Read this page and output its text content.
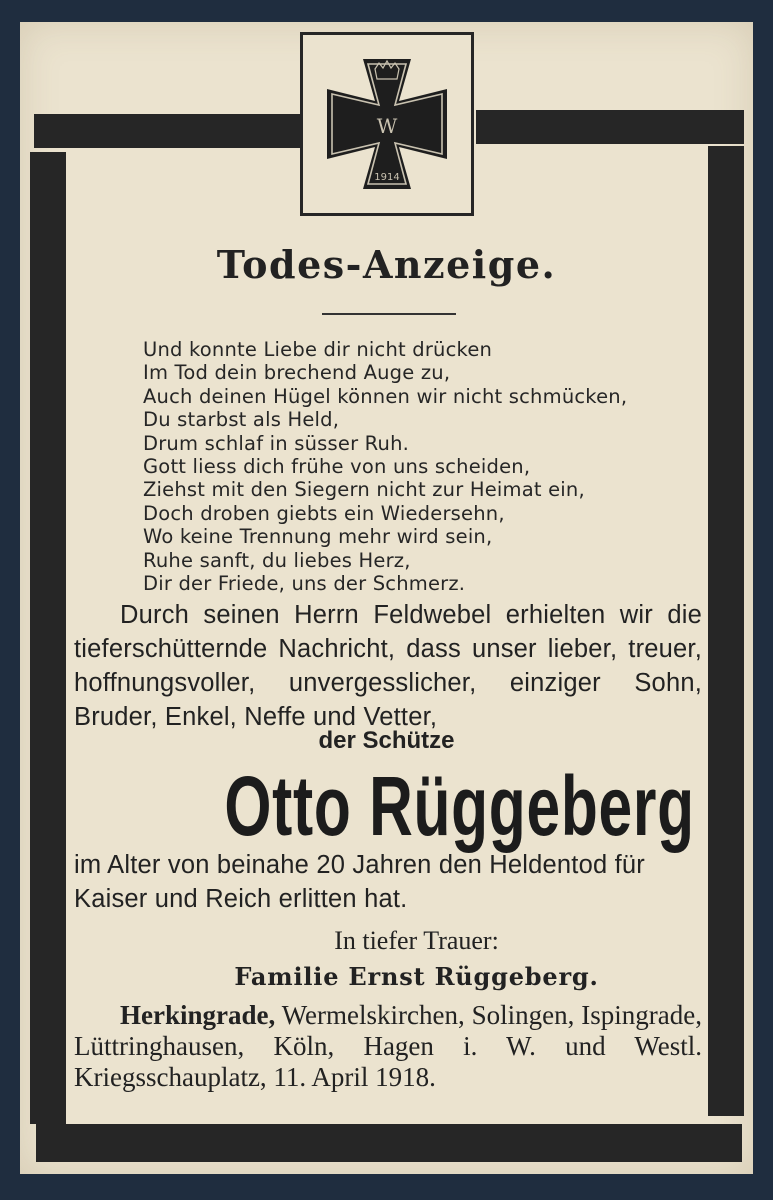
W
1914
Todes-Anzeige.
Und konnte Liebe dir nicht drücken
Im Tod dein brechend Auge zu,
Auch deinen Hügel können wir nicht schmücken,
Du starbst als Held,
Drum schlaf in süsser Ruh.
Gott liess dich frühe von uns scheiden,
Ziehst mit den Siegern nicht zur Heimat ein,
Doch droben giebts ein Wiedersehn,
Wo keine Trennung mehr wird sein,
Ruhe sanft, du liebes Herz,
Dir der Friede, uns der Schmerz.
Durch seinen Herrn Feldwebel erhielten wir die tieferschütternde Nachricht, dass unser lieber, treuer, hoffnungsvoller, unvergesslicher, einziger Sohn, Bruder, Enkel, Neffe und Vetter,
der Schütze
Otto Rüggeberg
im Alter von beinahe 20 Jahren den Heldentod für Kaiser und Reich erlitten hat.
In tiefer Trauer:
Familie Ernst Rüggeberg.
Herkingrade, Wermelskirchen, Solingen, Ispingrade, Lüttringhausen, Köln, Hagen i. W. und Westl. Kriegsschauplatz, 11. April 1918.
